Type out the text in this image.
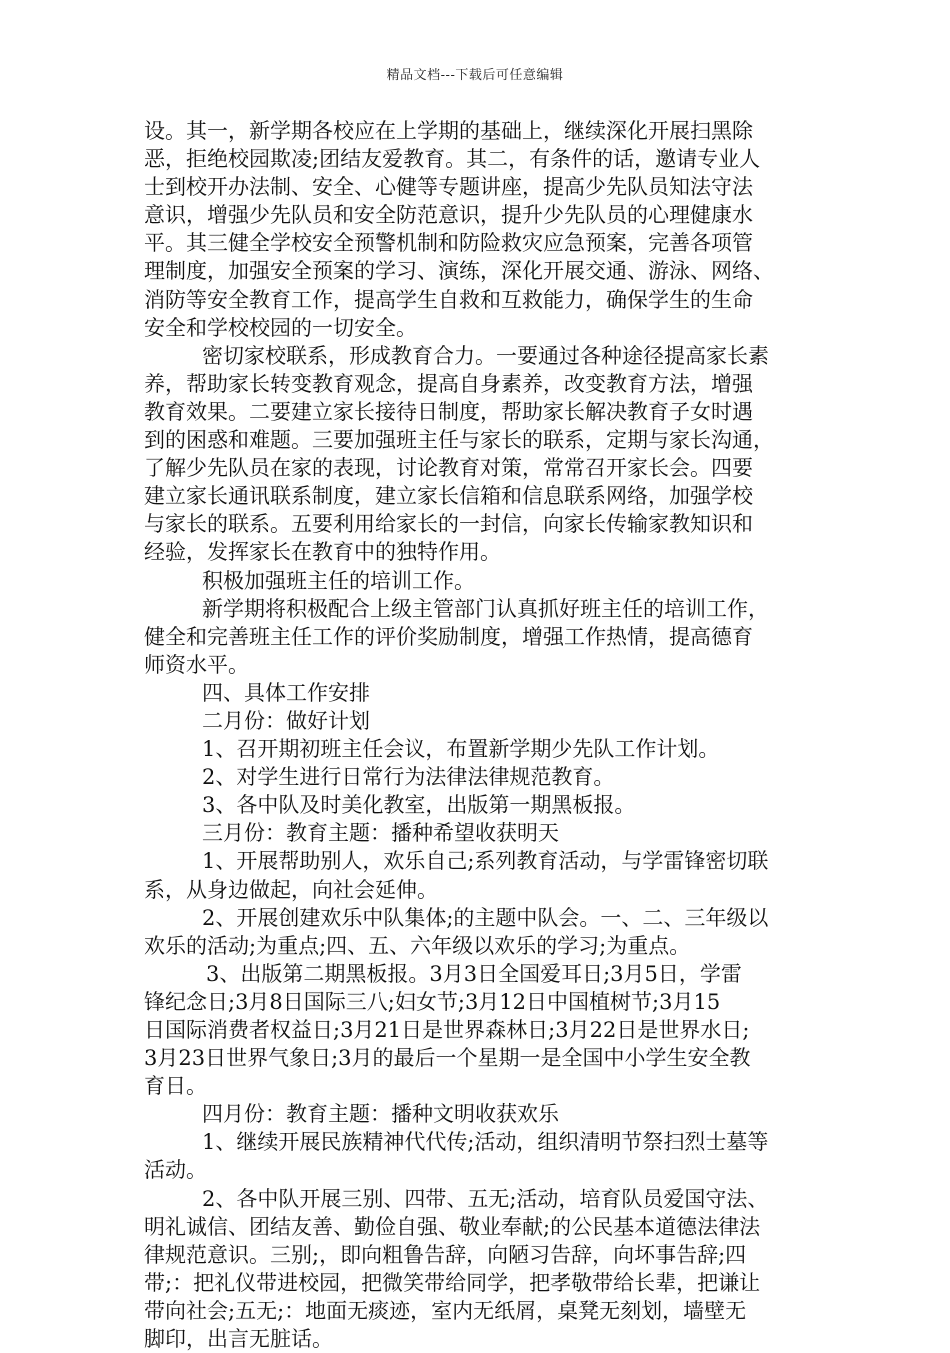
精品文档---下载后可任意编辑
设。其一，新学期各校应在上学期的基础上，继续深化开展扫黑除
恶，拒绝校园欺凌;团结友爱教育。其二，有条件的话，邀请专业人
士到校开办法制、安全、心健等专题讲座，提高少先队员知法守法
意识，增强少先队员和安全防范意识，提升少先队员的心理健康水
平。其三健全学校安全预警机制和防险救灾应急预案，完善各项管
理制度，加强安全预案的学习、演练，深化开展交通、游泳、网络、
消防等安全教育工作，提高学生自救和互救能力，确保学生的生命
安全和学校校园的一切安全。
密切家校联系，形成教育合力。一要通过各种途径提高家长素
养，帮助家长转变教育观念，提高自身素养，改变教育方法，增强
教育效果。二要建立家长接待日制度，帮助家长解决教育子女时遇
到的困惑和难题。三要加强班主任与家长的联系，定期与家长沟通，
了解少先队员在家的表现，讨论教育对策，常常召开家长会。四要
建立家长通讯联系制度，建立家长信箱和信息联系网络，加强学校
与家长的联系。五要利用给家长的一封信，向家长传输家教知识和
经验，发挥家长在教育中的独特作用。
积极加强班主任的培训工作。
新学期将积极配合上级主管部门认真抓好班主任的培训工作，
健全和完善班主任工作的评价奖励制度，增强工作热情，提高德育
师资水平。
四、具体工作安排
二月份：做好计划
1、召开期初班主任会议，布置新学期少先队工作计划。
2、对学生进行日常行为法律法律规范教育。
3、各中队及时美化教室，出版第一期黑板报。
三月份：教育主题：播种希望收获明天
1、开展帮助别人，欢乐自己;系列教育活动，与学雷锋密切联
系，从身边做起，向社会延伸。
2、开展创建欢乐中队集体;的主题中队会。一、二、三年级以
欢乐的活动;为重点;四、五、六年级以欢乐的学习;为重点。
3、出版第二期黑板报。3月3日全国爱耳日;3月5日，学雷
锋纪念日;3月8日国际三八;妇女节;3月12日中国植树节;3月15
日国际消费者权益日;3月21日是世界森林日;3月22日是世界水日;
3月23日世界气象日;3月的最后一个星期一是全国中小学生安全教
育日。
四月份：教育主题：播种文明收获欢乐
1、继续开展民族精神代代传;活动，组织清明节祭扫烈士墓等
活动。
2、各中队开展三别、四带、五无;活动，培育队员爱国守法、
明礼诚信、团结友善、勤俭自强、敬业奉献;的公民基本道德法律法
律规范意识。三别;，即向粗鲁告辞，向陋习告辞，向坏事告辞;四
带;：把礼仪带进校园，把微笑带给同学，把孝敬带给长辈，把谦让
带向社会;五无;：地面无痰迹，室内无纸屑，桌凳无刻划，墙壁无
脚印，出言无脏话。
